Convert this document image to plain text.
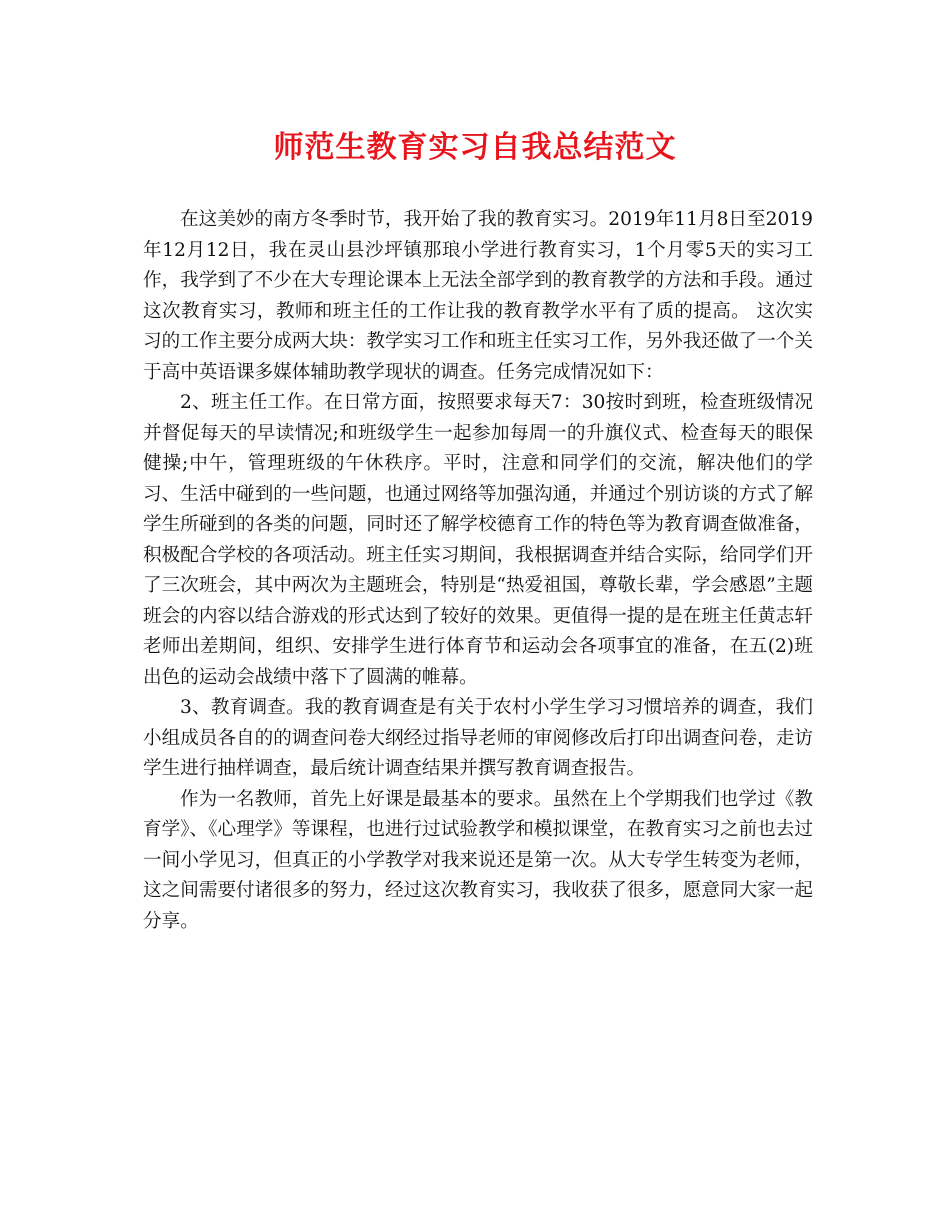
师范生教育实习自我总结范文

在这美妙的南方冬季时节，我开始了我的教育实习。2019年11月8日至2019年12月12日，我在灵山县沙坪镇那琅小学进行教育实习，1个月零5天的实习工作，我学到了不少在大专理论课本上无法全部学到的教育教学的方法和手段。通过这次教育实习，教师和班主任的工作让我的教育教学水平有了质的提高。 这次实习的工作主要分成两大块：教学实习工作和班主任实习工作，另外我还做了一个关于高中英语课多媒体辅助教学现状的调查。任务完成情况如下：

2、班主任工作。在日常方面，按照要求每天7：30按时到班，检查班级情况并督促每天的早读情况;和班级学生一起参加每周一的升旗仪式、检查每天的眼保健操;中午，管理班级的午休秩序。平时，注意和同学们的交流，解决他们的学习、生活中碰到的一些问题，也通过网络等加强沟通，并通过个别访谈的方式了解学生所碰到的各类的问题，同时还了解学校德育工作的特色等为教育调查做准备，积极配合学校的各项活动。班主任实习期间，我根据调查并结合实际，给同学们开了三次班会，其中两次为主题班会，特别是“热爱祖国，尊敬长辈，学会感恩”主题班会的内容以结合游戏的形式达到了较好的效果。更值得一提的是在班主任黄志轩老师出差期间，组织、安排学生进行体育节和运动会各项事宜的准备，在五(2)班出色的运动会战绩中落下了圆满的帷幕。

3、教育调查。我的教育调查是有关于农村小学生学习习惯培养的调查，我们小组成员各自的的调查问卷大纲经过指导老师的审阅修改后打印出调查问卷，走访学生进行抽样调查，最后统计调查结果并撰写教育调查报告。

作为一名教师，首先上好课是最基本的要求。虽然在上个学期我们也学过《教育学》、《心理学》等课程，也进行过试验教学和模拟课堂，在教育实习之前也去过一间小学见习，但真正的小学教学对我来说还是第一次。从大专学生转变为老师，这之间需要付诸很多的努力，经过这次教育实习，我收获了很多，愿意同大家一起分享。
